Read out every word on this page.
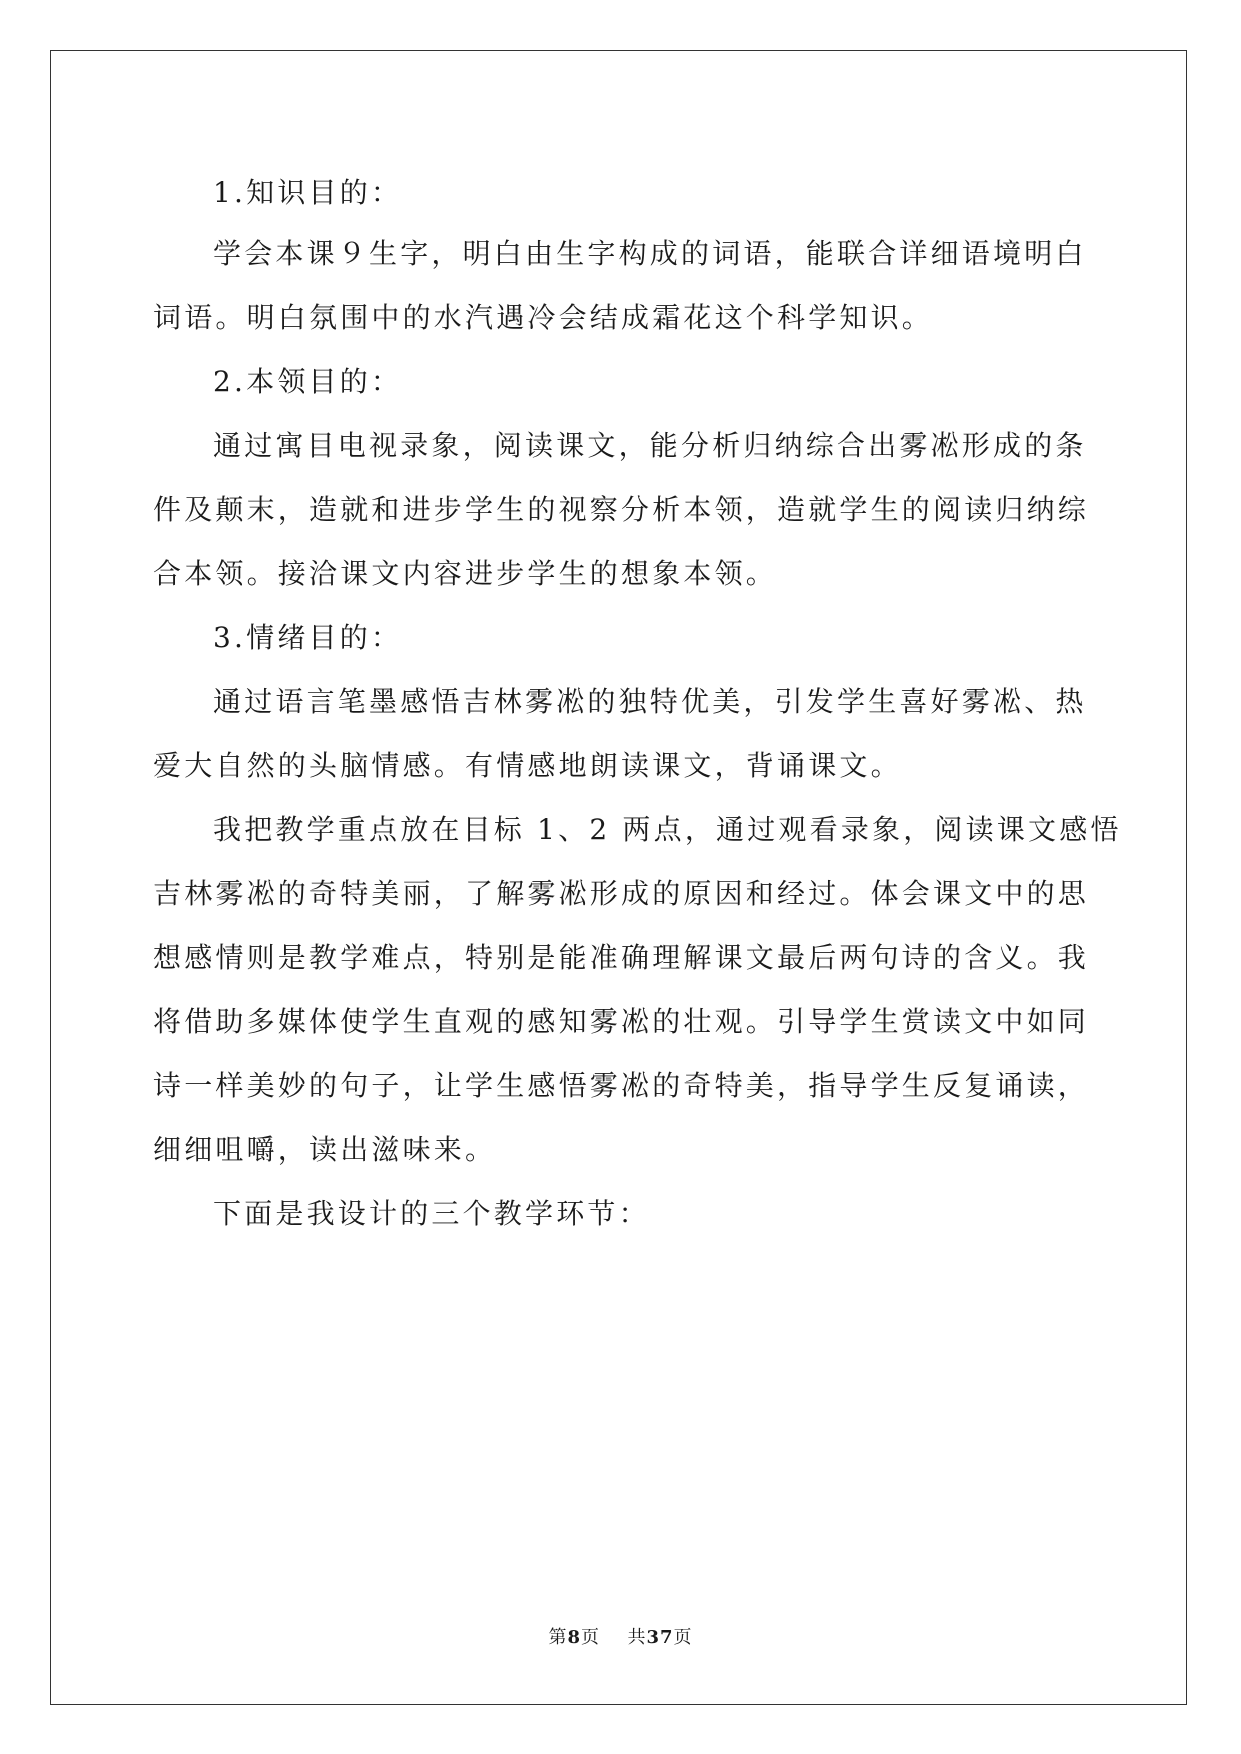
1.知识目的：
学会本课９生字，明白由生字构成的词语，能联合详细语境明白
词语。明白氛围中的水汽遇冷会结成霜花这个科学知识。
2.本领目的：
通过寓目电视录象，阅读课文，能分析归纳综合出雾凇形成的条
件及颠末，造就和进步学生的视察分析本领，造就学生的阅读归纳综
合本领。接洽课文内容进步学生的想象本领。
3.情绪目的：
通过语言笔墨感悟吉林雾凇的独特优美，引发学生喜好雾凇、热
爱大自然的头脑情感。有情感地朗读课文，背诵课文。
我把教学重点放在目标 1、2 两点，通过观看录象，阅读课文感悟
吉林雾凇的奇特美丽，了解雾凇形成的原因和经过。体会课文中的思
想感情则是教学难点，特别是能准确理解课文最后两句诗的含义。我
将借助多媒体使学生直观的感知雾凇的壮观。引导学生赏读文中如同
诗一样美妙的句子，让学生感悟雾凇的奇特美，指导学生反复诵读，
细细咀嚼，读出滋味来。
下面是我设计的三个教学环节：
第8页 共37页
